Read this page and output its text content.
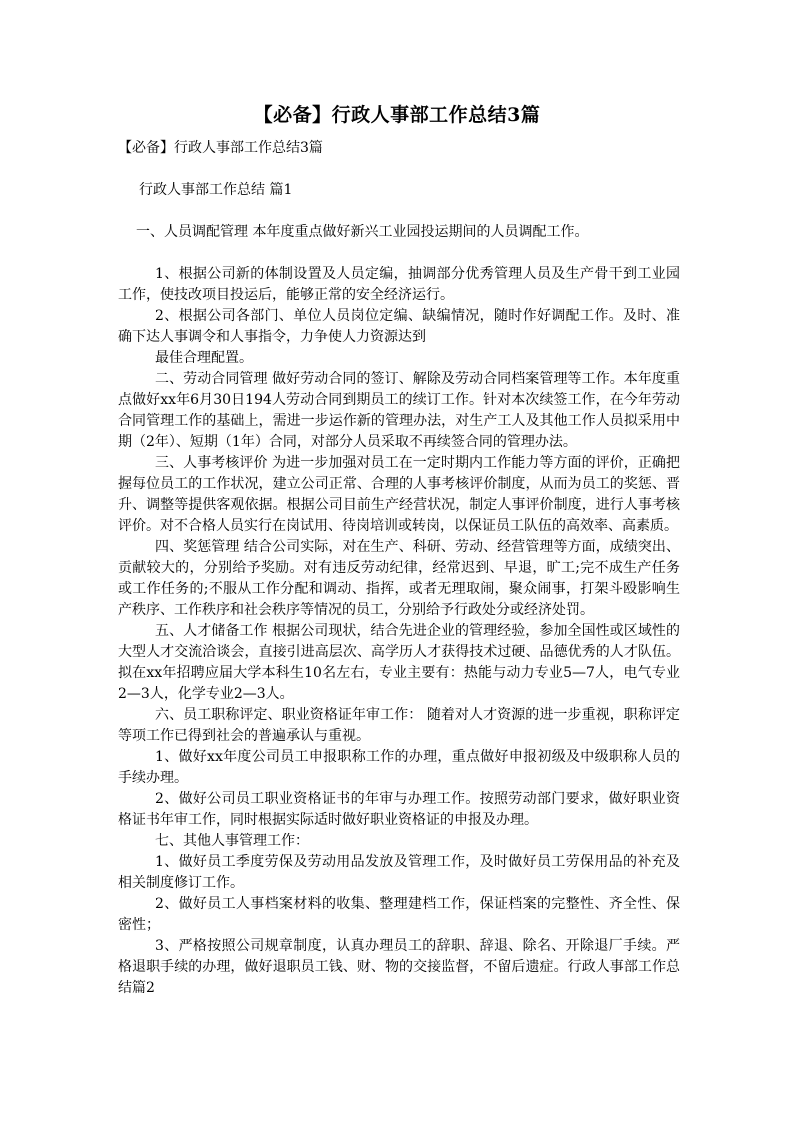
【必备】行政人事部工作总结3篇

【必备】行政人事部工作总结3篇

行政人事部工作总结 篇1

一、人员调配管理 本年度重点做好新兴工业园投运期间的人员调配工作。

1、根据公司新的体制设置及人员定编，抽调部分优秀管理人员及生产骨干到工业园工作，使技改项目投运后，能够正常的安全经济运行。

2、根据公司各部门、单位人员岗位定编、缺编情况，随时作好调配工作。及时、准确下达人事调令和人事指令，力争使人力资源达到

最佳合理配置。

二、劳动合同管理 做好劳动合同的签订、解除及劳动合同档案管理等工作。本年度重点做好xx年6月30日194人劳动合同到期员工的续订工作。针对本次续签工作，在今年劳动合同管理工作的基础上，需进一步运作新的管理办法，对生产工人及其他工作人员拟采用中期（2年）、短期（1年）合同，对部分人员采取不再续签合同的管理办法。

三、人事考核评价 为进一步加强对员工在一定时期内工作能力等方面的评价，正确把握每位员工的工作状况，建立公司正常、合理的人事考核评价制度，从而为员工的奖惩、晋升、调整等提供客观依据。根据公司目前生产经营状况，制定人事评价制度，进行人事考核评价。对不合格人员实行在岗试用、待岗培训或转岗，以保证员工队伍的高效率、高素质。

四、奖惩管理 结合公司实际，对在生产、科研、劳动、经营管理等方面，成绩突出、贡献较大的，分别给予奖励。对有违反劳动纪律，经常迟到、早退，旷工;完不成生产任务或工作任务的;不服从工作分配和调动、指挥，或者无理取闹，聚众闹事，打架斗殴影响生产秩序、工作秩序和社会秩序等情况的员工，分别给予行政处分或经济处罚。

五、人才储备工作 根据公司现状，结合先进企业的管理经验，参加全国性或区域性的大型人才交流洽谈会，直接引进高层次、高学历人才获得技术过硬、品德优秀的人才队伍。拟在xx年招聘应届大学本科生10名左右，专业主要有：热能与动力专业5—7人，电气专业2—3人，化学专业2—3人。

六、员工职称评定、职业资格证年审工作： 随着对人才资源的进一步重视，职称评定等项工作已得到社会的普遍承认与重视。

1、做好xx年度公司员工申报职称工作的办理，重点做好申报初级及中级职称人员的手续办理。

2、做好公司员工职业资格证书的年审与办理工作。按照劳动部门要求，做好职业资格证书年审工作，同时根据实际适时做好职业资格证的申报及办理。

七、其他人事管理工作：

1、做好员工季度劳保及劳动用品发放及管理工作，及时做好员工劳保用品的补充及相关制度修订工作。

2、做好员工人事档案材料的收集、整理建档工作，保证档案的完整性、齐全性、保密性；

3、严格按照公司规章制度，认真办理员工的辞职、辞退、除名、开除退厂手续。严格退职手续的办理，做好退职员工钱、财、物的交接监督，不留后遗症。行政人事部工作总结篇2
